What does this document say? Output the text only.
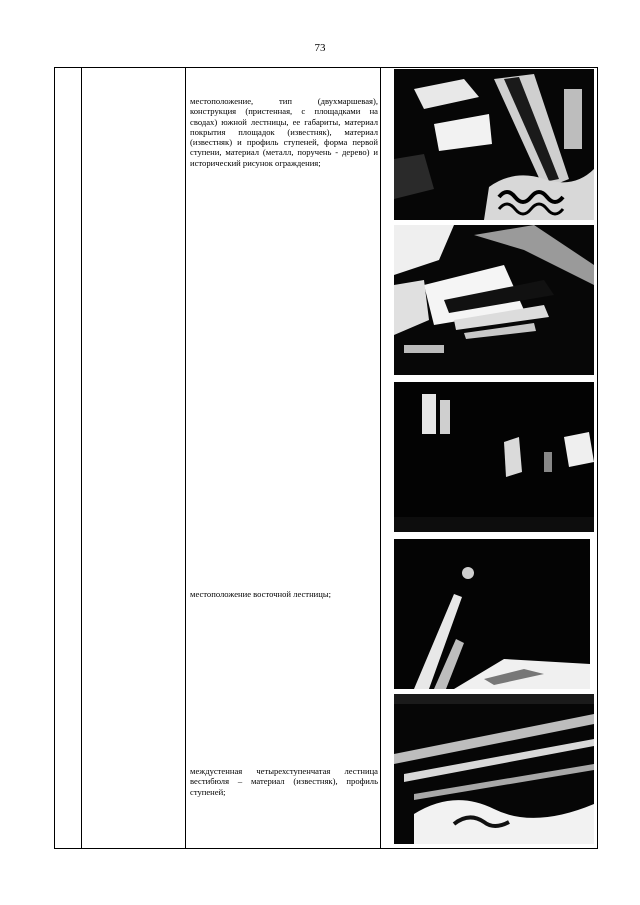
73
местоположение, тип (двухмаршевая), конструкция (пристенная, с площадками на сводах) южной лестницы, ее габариты, материал покрытия площадок (известняк), материал (известняк) и профиль ступеней, форма первой ступени, материал (металл, поручень - дерево) и исторический рисунок ограждения;
местоположение восточной лестницы;
междустенная четырехступенчатая лестница вестибюля – материал (известняк), профиль ступеней;
